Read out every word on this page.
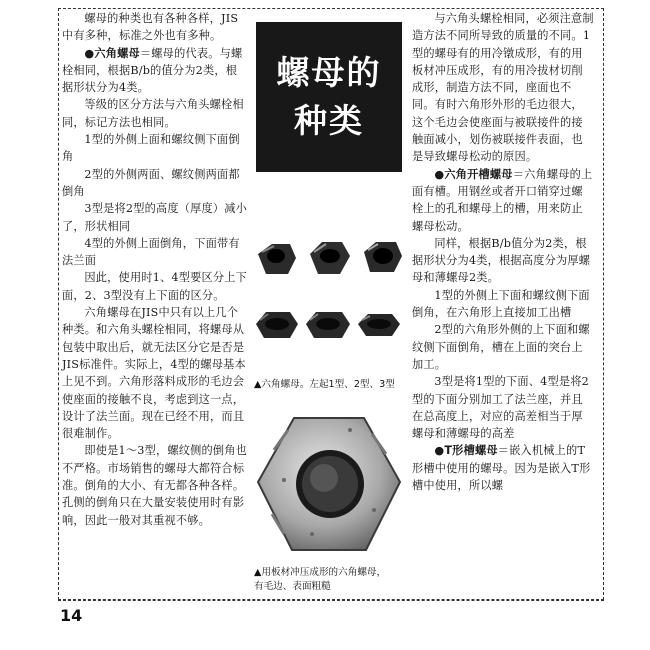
螺母的种类也有各种各样，JIS中有多种，标准之外也有多种。

●六角螺母＝螺母的代表。与螺栓相同，根据B/b的值分为2类，根据形状分为4类。

等级的区分方法与六角头螺栓相同，标记方法也相同。

1型的外侧上面和螺纹侧下面倒角

2型的外侧两面、螺纹侧两面都倒角

3型是将2型的高度（厚度）减小了，形状相同

4型的外侧上面倒角，下面带有法兰面

因此，使用时1、4型要区分上下面，2、3型没有上下面的区分。

六角螺母在JIS中只有以上几个种类。和六角头螺栓相同，将螺母从包装中取出后，就无法区分它是否是JIS标准件。实际上，4型的螺母基本上见不到。六角形落料成形的毛边会使座面的接触不良，考虑到这一点，设计了法兰面。现在已经不用，而且很难制作。

即使是1～3型，螺纹侧的倒角也不严格。市场销售的螺母大都符合标准。倒角的大小、有无都各种各样。孔侧的倒角只在大量安装使用时有影响，因此一般对其重视不够。

螺母的
种类
▲六角螺母。左起1型、2型、3型
▲用板材冲压成形的六角螺母，
有毛边、表面粗糙

与六角头螺栓相同，必须注意制造方法不同所导致的质量的不同。1型的螺母有的用冷镦成形，有的用板材冲压成形，有的用冷拔材切削成形，制造方法不同，座面也不同。有时六角形外形的毛边很大，这个毛边会使座面与被联接件的接触面减小，划伤被联接件表面，也是导致螺母松动的原因。

●六角开槽螺母＝六角螺母的上面有槽。用钢丝或者开口销穿过螺栓上的孔和螺母上的槽，用来防止螺母松动。

同样，根据B/b值分为2类，根据形状分为4类，根据高度分为厚螺母和薄螺母2类。

1型的外侧上下面和螺纹侧下面倒角，在六角形上直接加工出槽

2型的六角形外侧的上下面和螺纹侧下面倒角，槽在上面的突台上加工。

3型是将1型的下面、4型是将2型的下面分别加工了法兰座，并且在总高度上，对应的高差相当于厚螺母和薄螺母的高差

●T形槽螺母＝嵌入机械上的T形槽中使用的螺母。因为是嵌入T形槽中使用，所以螺

14
